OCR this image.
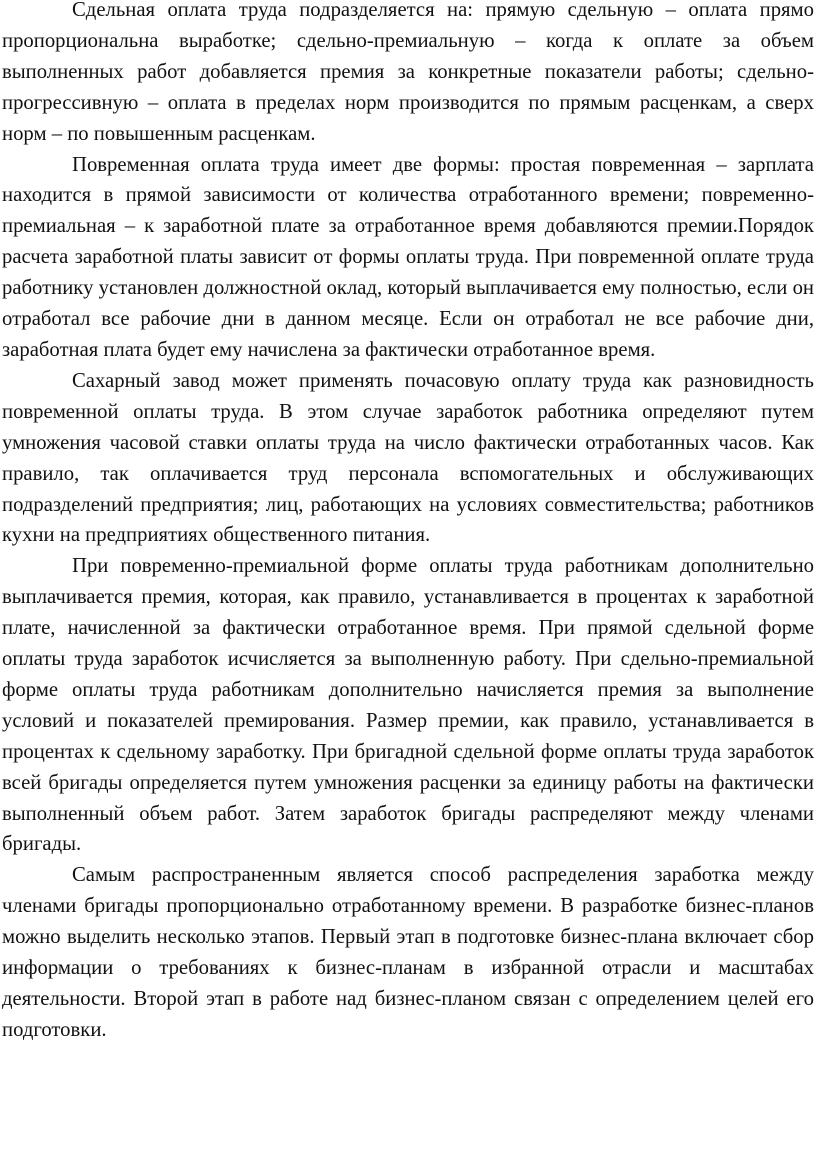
Сдельная оплата труда подразделяется на: прямую сдельную – оплата прямо пропорциональна выработке; сдельно-премиальную – когда к оплате за объем выполненных работ добавляется премия за конкретные показатели работы; сдельно-прогрессивную – оплата в пределах норм производится по прямым расценкам, а сверх норм – по повышенным расценкам.

Повременная оплата труда имеет две формы: простая повременная – зарплата находится в прямой зависимости от количества отработанного времени; повременно-премиальная – к заработной плате за отработанное время добавляются премии.Порядок расчета заработной платы зависит от формы оплаты труда. При повременной оплате труда работнику установлен должностной оклад, который выплачивается ему полностью, если он отработал все рабочие дни в данном месяце. Если он отработал не все рабочие дни, заработная плата будет ему начислена за фактически отработанное время.

Сахарный завод может применять почасовую оплату труда как разновидность повременной оплаты труда. В этом случае заработок работника определяют путем умножения часовой ставки оплаты труда на число фактически отработанных часов. Как правило, так оплачивается труд персонала вспомогательных и обслуживающих подразделений предприятия; лиц, работающих на условиях совместительства; работников кухни на предприятиях общественного питания.

При повременно-премиальной форме оплаты труда работникам дополнительно выплачивается премия, которая, как правило, устанавливается в процентах к заработной плате, начисленной за фактически отработанное время. При прямой сдельной форме оплаты труда заработок исчисляется за выполненную работу. При сдельно-премиальной форме оплаты труда работникам дополнительно начисляется премия за выполнение условий и показателей премирования. Размер премии, как правило, устанавливается в процентах к сдельному заработку. При бригадной сдельной форме оплаты труда заработок всей бригады определяется путем умножения расценки за единицу работы на фактически выполненный объем работ. Затем заработок бригады распределяют между членами бригады.

Самым распространенным является способ распределения заработка между членами бригады пропорционально отработанному времени. В разработке бизнес-планов можно выделить несколько этапов. Первый этап в подготовке бизнес-плана включает сбор информации о требованиях к бизнес-планам в избранной отрасли и масштабах деятельности. Второй этап в работе над бизнес-планом связан с определением целей его подготовки.
